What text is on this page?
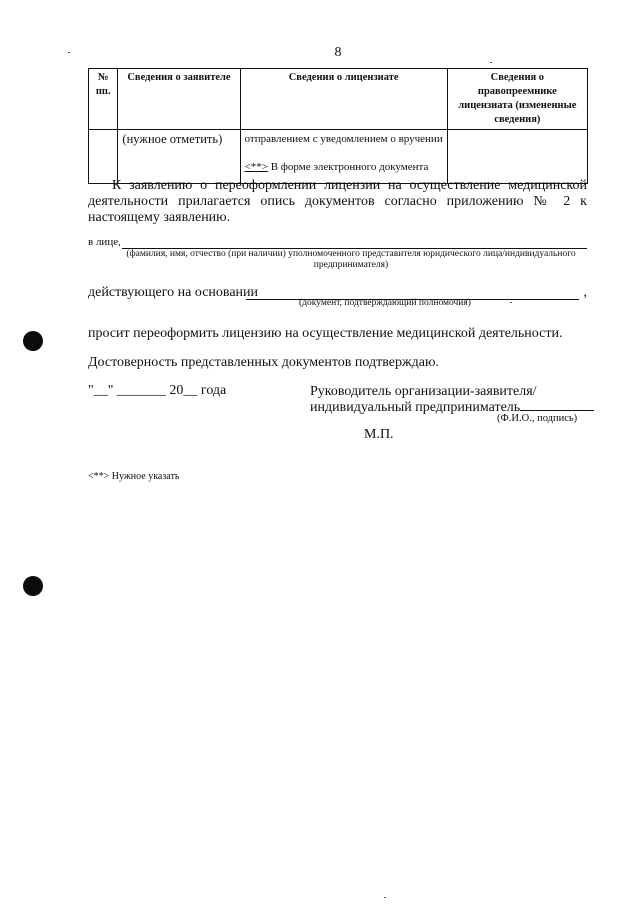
8
№ пп.	Сведения о заявителе	Сведения о лицензиате	Сведения о правопреемнике лицензиата (измененные сведения)
	(нужное отметить)	отправлением с уведомлением о вручении
<**> В форме электронного документа	

К заявлению о переоформлении лицензии на осуществление медицинской деятельности прилагается опись документов согласно приложению № 2 к настоящему заявлению.
в лице,
(фамилия, имя, отчество (при наличии) уполномоченного представителя юридического лица/индивидуального предпринимателя)
действующего на основании	,
(документ, подтверждающий полномочия)
просит переоформить лицензию на осуществление медицинской деятельности.
Достоверность представленных документов подтверждаю.
"__" _______ 20__ года	Руководитель организации-заявителя/
индивидуальный предприниматель
(Ф.И.О., подпись)
М.П.
<**> Нужное указать
